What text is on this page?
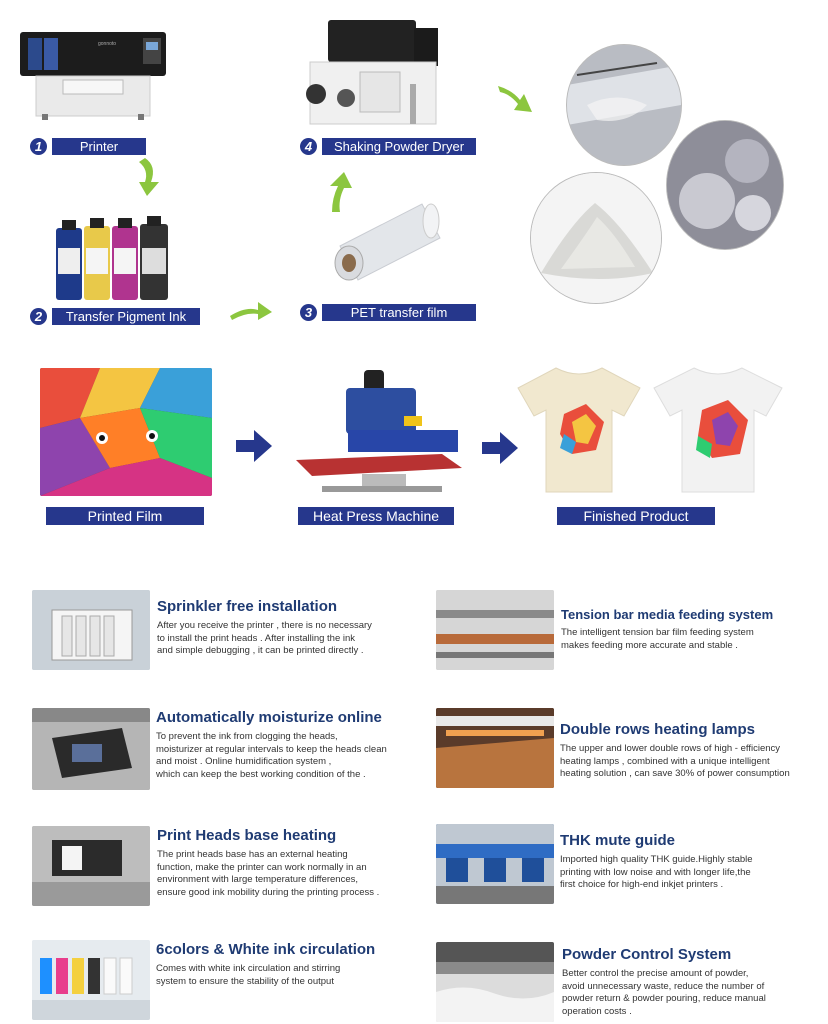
gonnoto
1	Printer
2	Transfer Pigment Ink	3	PET transfer film
4	Shaking Powder Dryer
Printed Film	Heat Press Machine	Finished Product
Sprinkler free installation
After you receive the printer , there is no necessary
to install the print heads . After installing the ink
and simple debugging , it can be printed directly .
Tension bar media feeding system
The intelligent tension bar film feeding system
makes feeding more accurate and stable .
Automatically moisturize online
To prevent the ink from clogging the heads,
moisturizer at regular intervals to keep the heads clean
and moist . Online humidification system ,
which can keep the best working condition of the .
Double rows heating lamps
The upper and lower double rows of high - efficiency
heating lamps , combined with a unique intelligent
heating solution , can save 30% of power consumption
Print Heads base heating
The print heads base has an external heating
function, make the printer can work normally in an
environment with large temperature differences,
ensure good ink mobility during the printing process .
THK mute guide
Imported high quality THK guide.Highly stable
printing with low noise and with longer life,the
first choice for high-end inkjet printers .
6colors & White ink circulation
Comes with white ink circulation and stirring
system to ensure the stability of the output
Powder Control System
Better control the precise amount of powder,
avoid unnecessary waste, reduce the number of
powder return & powder pouring, reduce manual
operation costs .
